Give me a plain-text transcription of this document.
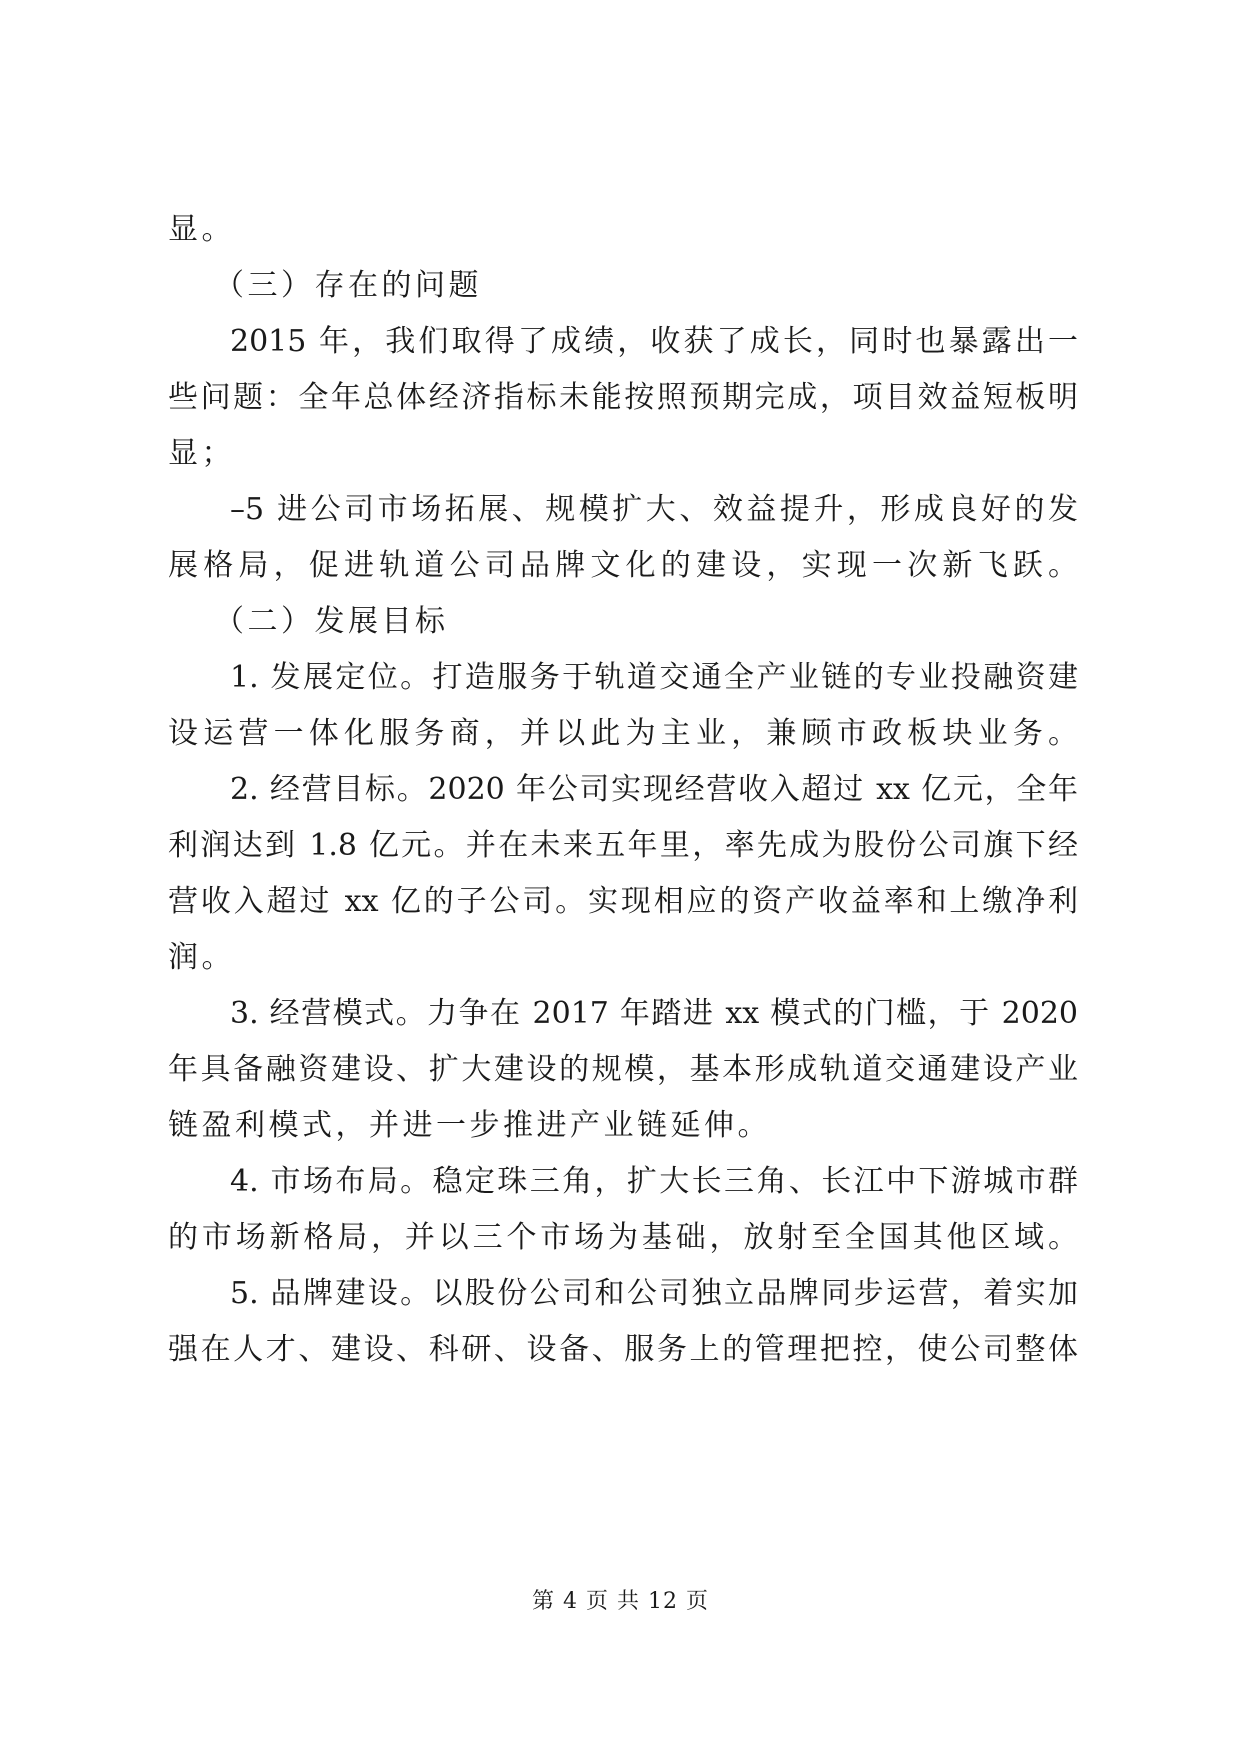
显。
（三）存在的问题
2015 年，我们取得了成绩，收获了成长，同时也暴露出一
些问题：全年总体经济指标未能按照预期完成，项目效益短板明
显；
–5 进公司市场拓展、规模扩大、效益提升，形成良好的发
展格局，促进轨道公司品牌文化的建设，实现一次新飞跃。
（二）发展目标
1. 发展定位。打造服务于轨道交通全产业链的专业投融资建
设运营一体化服务商，并以此为主业，兼顾市政板块业务。
2. 经营目标。2020 年公司实现经营收入超过 xx 亿元，全年
利润达到 1.8 亿元。并在未来五年里，率先成为股份公司旗下经
营收入超过 xx 亿的子公司。实现相应的资产收益率和上缴净利
润。
3. 经营模式。力争在 2017 年踏进 xx 模式的门槛，于 2020
年具备融资建设、扩大建设的规模，基本形成轨道交通建设产业
链盈利模式，并进一步推进产业链延伸。
4. 市场布局。稳定珠三角，扩大长三角、长江中下游城市群
的市场新格局，并以三个市场为基础，放射至全国其他区域。
5. 品牌建设。以股份公司和公司独立品牌同步运营，着实加
强在人才、建设、科研、设备、服务上的管理把控，使公司整体
第 4 页 共 12 页
